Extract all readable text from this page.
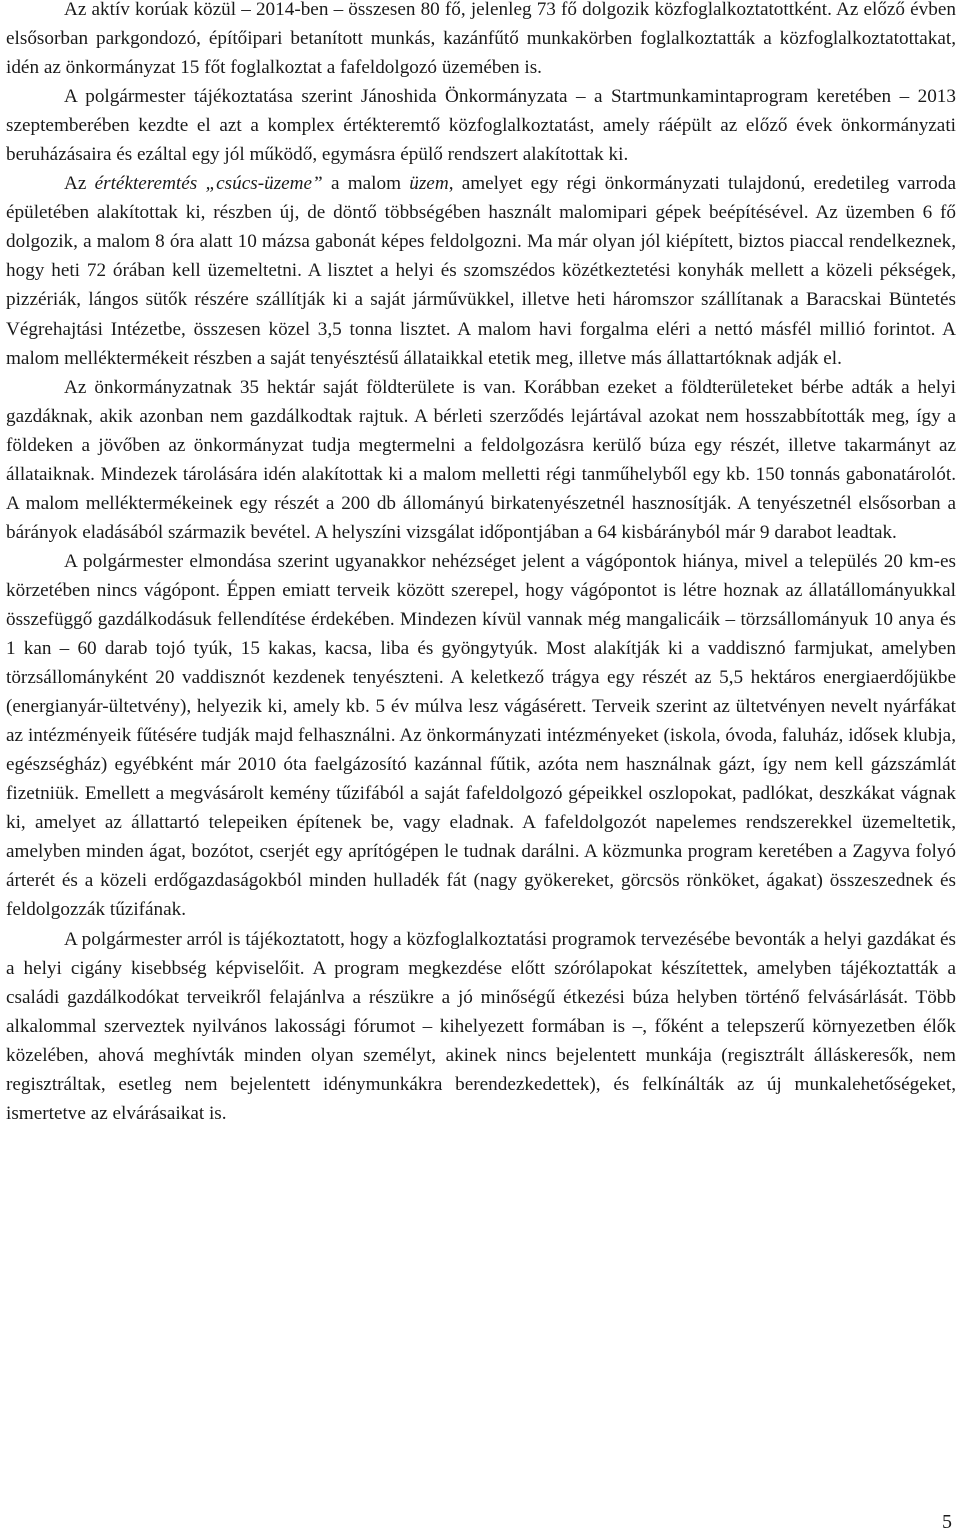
Az aktív korúak közül – 2014-ben – összesen 80 fő, jelenleg 73 fő dolgozik közfoglalkoztatottként. Az előző évben elsősorban parkgondozó, építőipari betanított munkás, kazánfűtő munkakörben foglalkoztatták a közfoglalkoztatottakat, idén az önkormányzat 15 főt foglalkoztat a fafeldolgozó üzemében is.

A polgármester tájékoztatása szerint Jánoshida Önkormányzata – a Startmunkamintaprogram keretében – 2013 szeptemberében kezdte el azt a komplex értékteremtő közfoglalkoztatást, amely ráépült az előző évek önkormányzati beruházásaira és ezáltal egy jól működő, egymásra épülő rendszert alakítottak ki.

Az értékteremtés „csúcs-üzeme” a malom üzem, amelyet egy régi önkormányzati tulajdonú, eredetileg varroda épületében alakítottak ki, részben új, de döntő többségében használt malomipari gépek beépítésével. Az üzemben 6 fő dolgozik, a malom 8 óra alatt 10 mázsa gabonát képes feldolgozni. Ma már olyan jól kiépített, biztos piaccal rendelkeznek, hogy heti 72 órában kell üzemeltetni. A lisztet a helyi és szomszédos közétkeztetési konyhák mellett a közeli pékségek, pizzériák, lángos sütők részére szállítják ki a saját járművükkel, illetve heti háromszor szállítanak a Baracskai Büntetés Végrehajtási Intézetbe, összesen közel 3,5 tonna lisztet. A malom havi forgalma eléri a nettó másfél millió forintot. A malom melléktermékeit részben a saját tenyésztésű állataikkal etetik meg, illetve más állattartóknak adják el.

Az önkormányzatnak 35 hektár saját földterülete is van. Korábban ezeket a földterületeket bérbe adták a helyi gazdáknak, akik azonban nem gazdálkodtak rajtuk. A bérleti szerződés lejártával azokat nem hosszabbították meg, így a földeken a jövőben az önkormányzat tudja megtermelni a feldolgozásra kerülő búza egy részét, illetve takarmányt az állataiknak. Mindezek tárolására idén alakítottak ki a malom melletti régi tanműhelyből egy kb. 150 tonnás gabonatárolót. A malom melléktermékeinek egy részét a 200 db állományú birkatenyészetnél hasznosítják. A tenyészetnél elsősorban a bárányok eladásából származik bevétel. A helyszíni vizsgálat időpontjában a 64 kisbárányból már 9 darabot leadtak.

A polgármester elmondása szerint ugyanakkor nehézséget jelent a vágópontok hiánya, mivel a település 20 km-es körzetében nincs vágópont. Éppen emiatt terveik között szerepel, hogy vágópontot is létre hoznak az állatállományukkal összefüggő gazdálkodásuk fellendítése érdekében. Mindezen kívül vannak még mangalicáik – törzsállományuk 10 anya és 1 kan – 60 darab tojó tyúk, 15 kakas, kacsa, liba és gyöngytyúk. Most alakítják ki a vaddisznó farmjukat, amelyben törzsállományként 20 vaddisznót kezdenek tenyészteni. A keletkező trágya egy részét az 5,5 hektáros energiaerdőjükbe (energianyár-ültetvény), helyezik ki, amely kb. 5 év múlva lesz vágásérett. Terveik szerint az ültetvényen nevelt nyárfákat az intézményeik fűtésére tudják majd felhasználni. Az önkormányzati intézményeket (iskola, óvoda, faluház, idősek klubja, egészségház) egyébként már 2010 óta faelgázosító kazánnal fűtik, azóta nem használnak gázt, így nem kell gázszámlát fizetniük. Emellett a megvásárolt kemény tűzifából a saját fafeldolgozó gépeikkel oszlopokat, padlókat, deszkákat vágnak ki, amelyet az állattartó telepeiken építenek be, vagy eladnak. A fafeldolgozót napelemes rendszerekkel üzemeltetik, amelyben minden ágat, bozótot, cserjét egy aprítógépen le tudnak darálni. A közmunka program keretében a Zagyva folyó árterét és a közeli erdőgazdaságokból minden hulladék fát (nagy gyökereket, görcsös rönköket, ágakat) összeszednek és feldolgozzák tűzifának.

A polgármester arról is tájékoztatott, hogy a közfoglalkoztatási programok tervezésébe bevonták a helyi gazdákat és a helyi cigány kisebbség képviselőit. A program megkezdése előtt szórólapokat készítettek, amelyben tájékoztatták a családi gazdálkodókat terveikről felajánlva a részükre a jó minőségű étkezési búza helyben történő felvásárlását. Több alkalommal szerveztek nyilvános lakossági fórumot – kihelyezett formában is –, főként a telepszerű környezetben élők közelében, ahová meghívták minden olyan személyt, akinek nincs bejelentett munkája (regisztrált álláskeresők, nem regisztráltak, esetleg nem bejelentett idénymunkákra berendezkedettek), és felkínálták az új munkalehetőségeket, ismertetve az elvárásaikat is.

5
